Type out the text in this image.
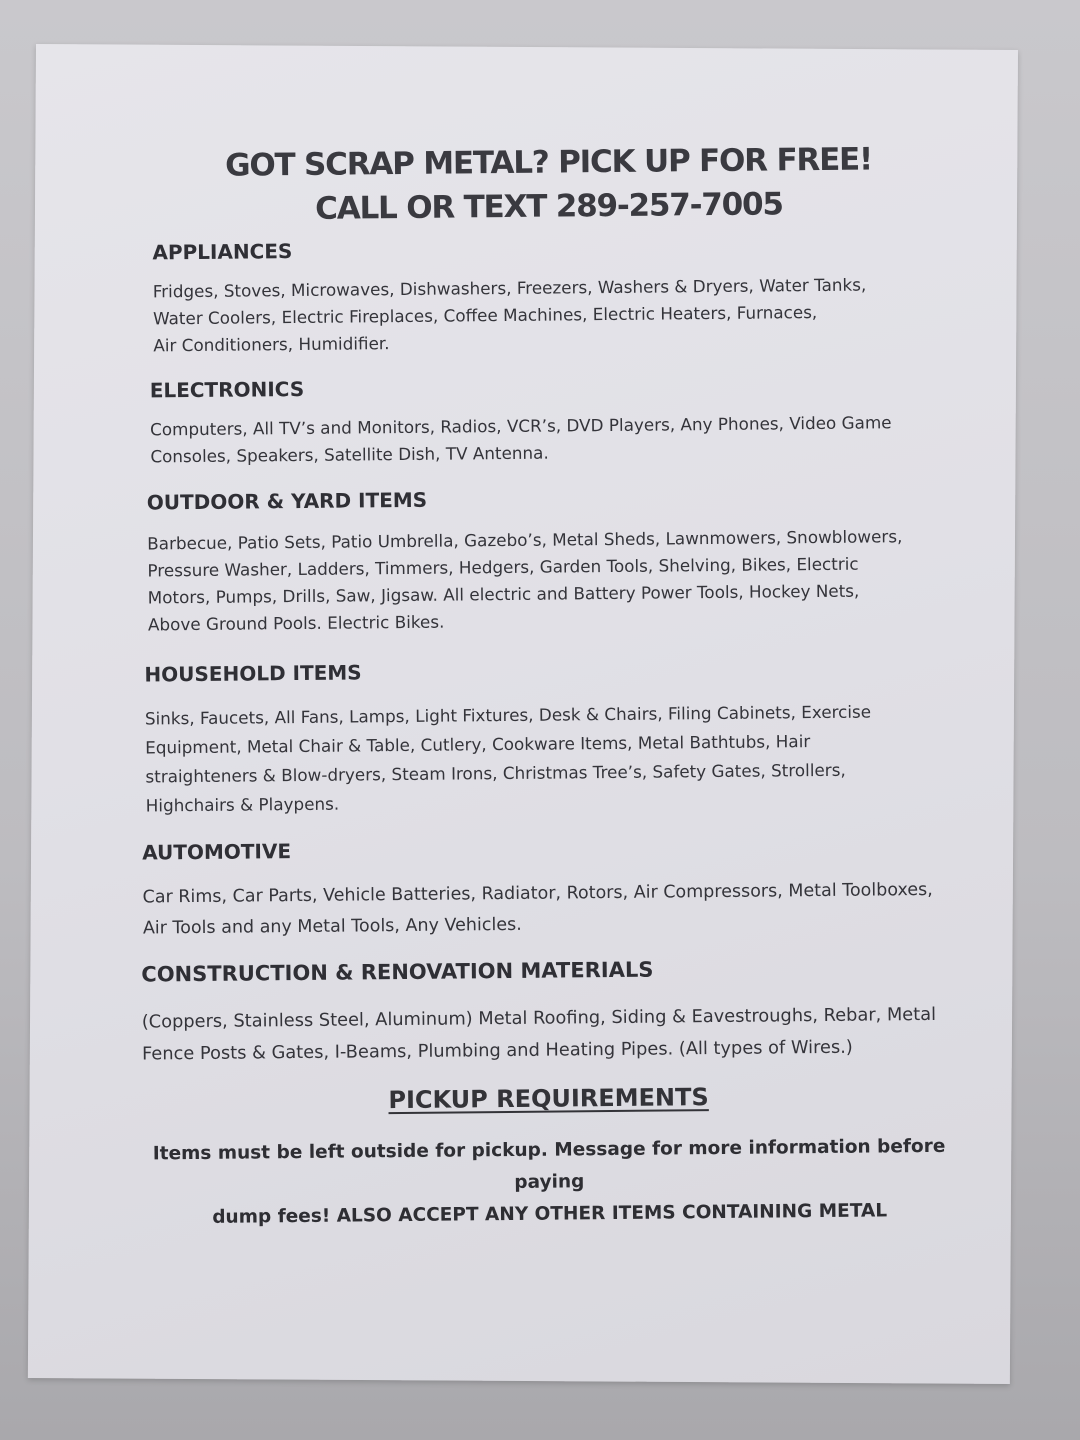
GOT SCRAP METAL? PICK UP FOR FREE!

CALL OR TEXT 289-257-7005

APPLIANCES

Fridges, Stoves, Microwaves, Dishwashers, Freezers, Washers & Dryers, Water Tanks,

Water Coolers, Electric Fireplaces, Coffee Machines, Electric Heaters, Furnaces,

Air Conditioners, Humidifier.

ELECTRONICS

Computers, All TV’s and Monitors, Radios, VCR’s, DVD Players, Any Phones, Video Game

Consoles, Speakers, Satellite Dish, TV Antenna.

OUTDOOR & YARD ITEMS

Barbecue, Patio Sets, Patio Umbrella, Gazebo’s, Metal Sheds, Lawnmowers, Snowblowers,

Pressure Washer, Ladders, Timmers, Hedgers, Garden Tools, Shelving, Bikes, Electric

Motors, Pumps, Drills, Saw, Jigsaw. All electric and Battery Power Tools, Hockey Nets,

Above Ground Pools. Electric Bikes.

HOUSEHOLD ITEMS

Sinks, Faucets, All Fans, Lamps, Light Fixtures, Desk & Chairs, Filing Cabinets, Exercise

Equipment, Metal Chair & Table, Cutlery, Cookware Items, Metal Bathtubs, Hair

straighteners & Blow-dryers, Steam Irons, Christmas Tree’s, Safety Gates, Strollers,

Highchairs & Playpens.

AUTOMOTIVE

Car Rims, Car Parts, Vehicle Batteries, Radiator, Rotors, Air Compressors, Metal Toolboxes,

Air Tools and any Metal Tools, Any Vehicles.

CONSTRUCTION & RENOVATION MATERIALS

(Coppers, Stainless Steel, Aluminum) Metal Roofing, Siding & Eavestroughs, Rebar, Metal

Fence Posts & Gates, I-Beams, Plumbing and Heating Pipes. (All types of Wires.)

PICKUP REQUIREMENTS

Items must be left outside for pickup. Message for more information before paying

dump fees! ALSO ACCEPT ANY OTHER ITEMS CONTAINING METAL
